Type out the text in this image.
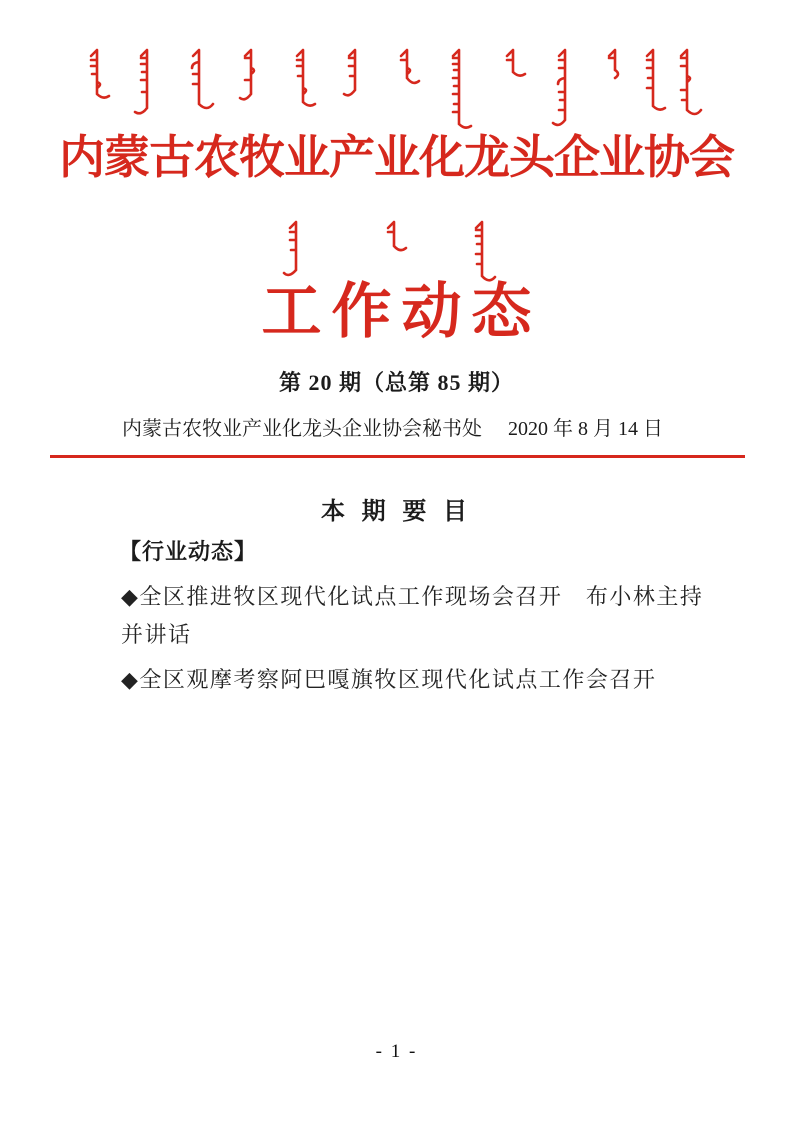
内蒙古农牧业产业化龙头企业协会
工作动态
第 20 期（总第 85 期）
内蒙古农牧业产业化龙头企业协会秘书处 2020 年 8 月 14 日
本 期 要 目
【行业动态】
◆全区推进牧区现代化试点工作现场会召开　布小林主持
并讲话
◆全区观摩考察阿巴嘎旗牧区现代化试点工作会召开
- 1 -
